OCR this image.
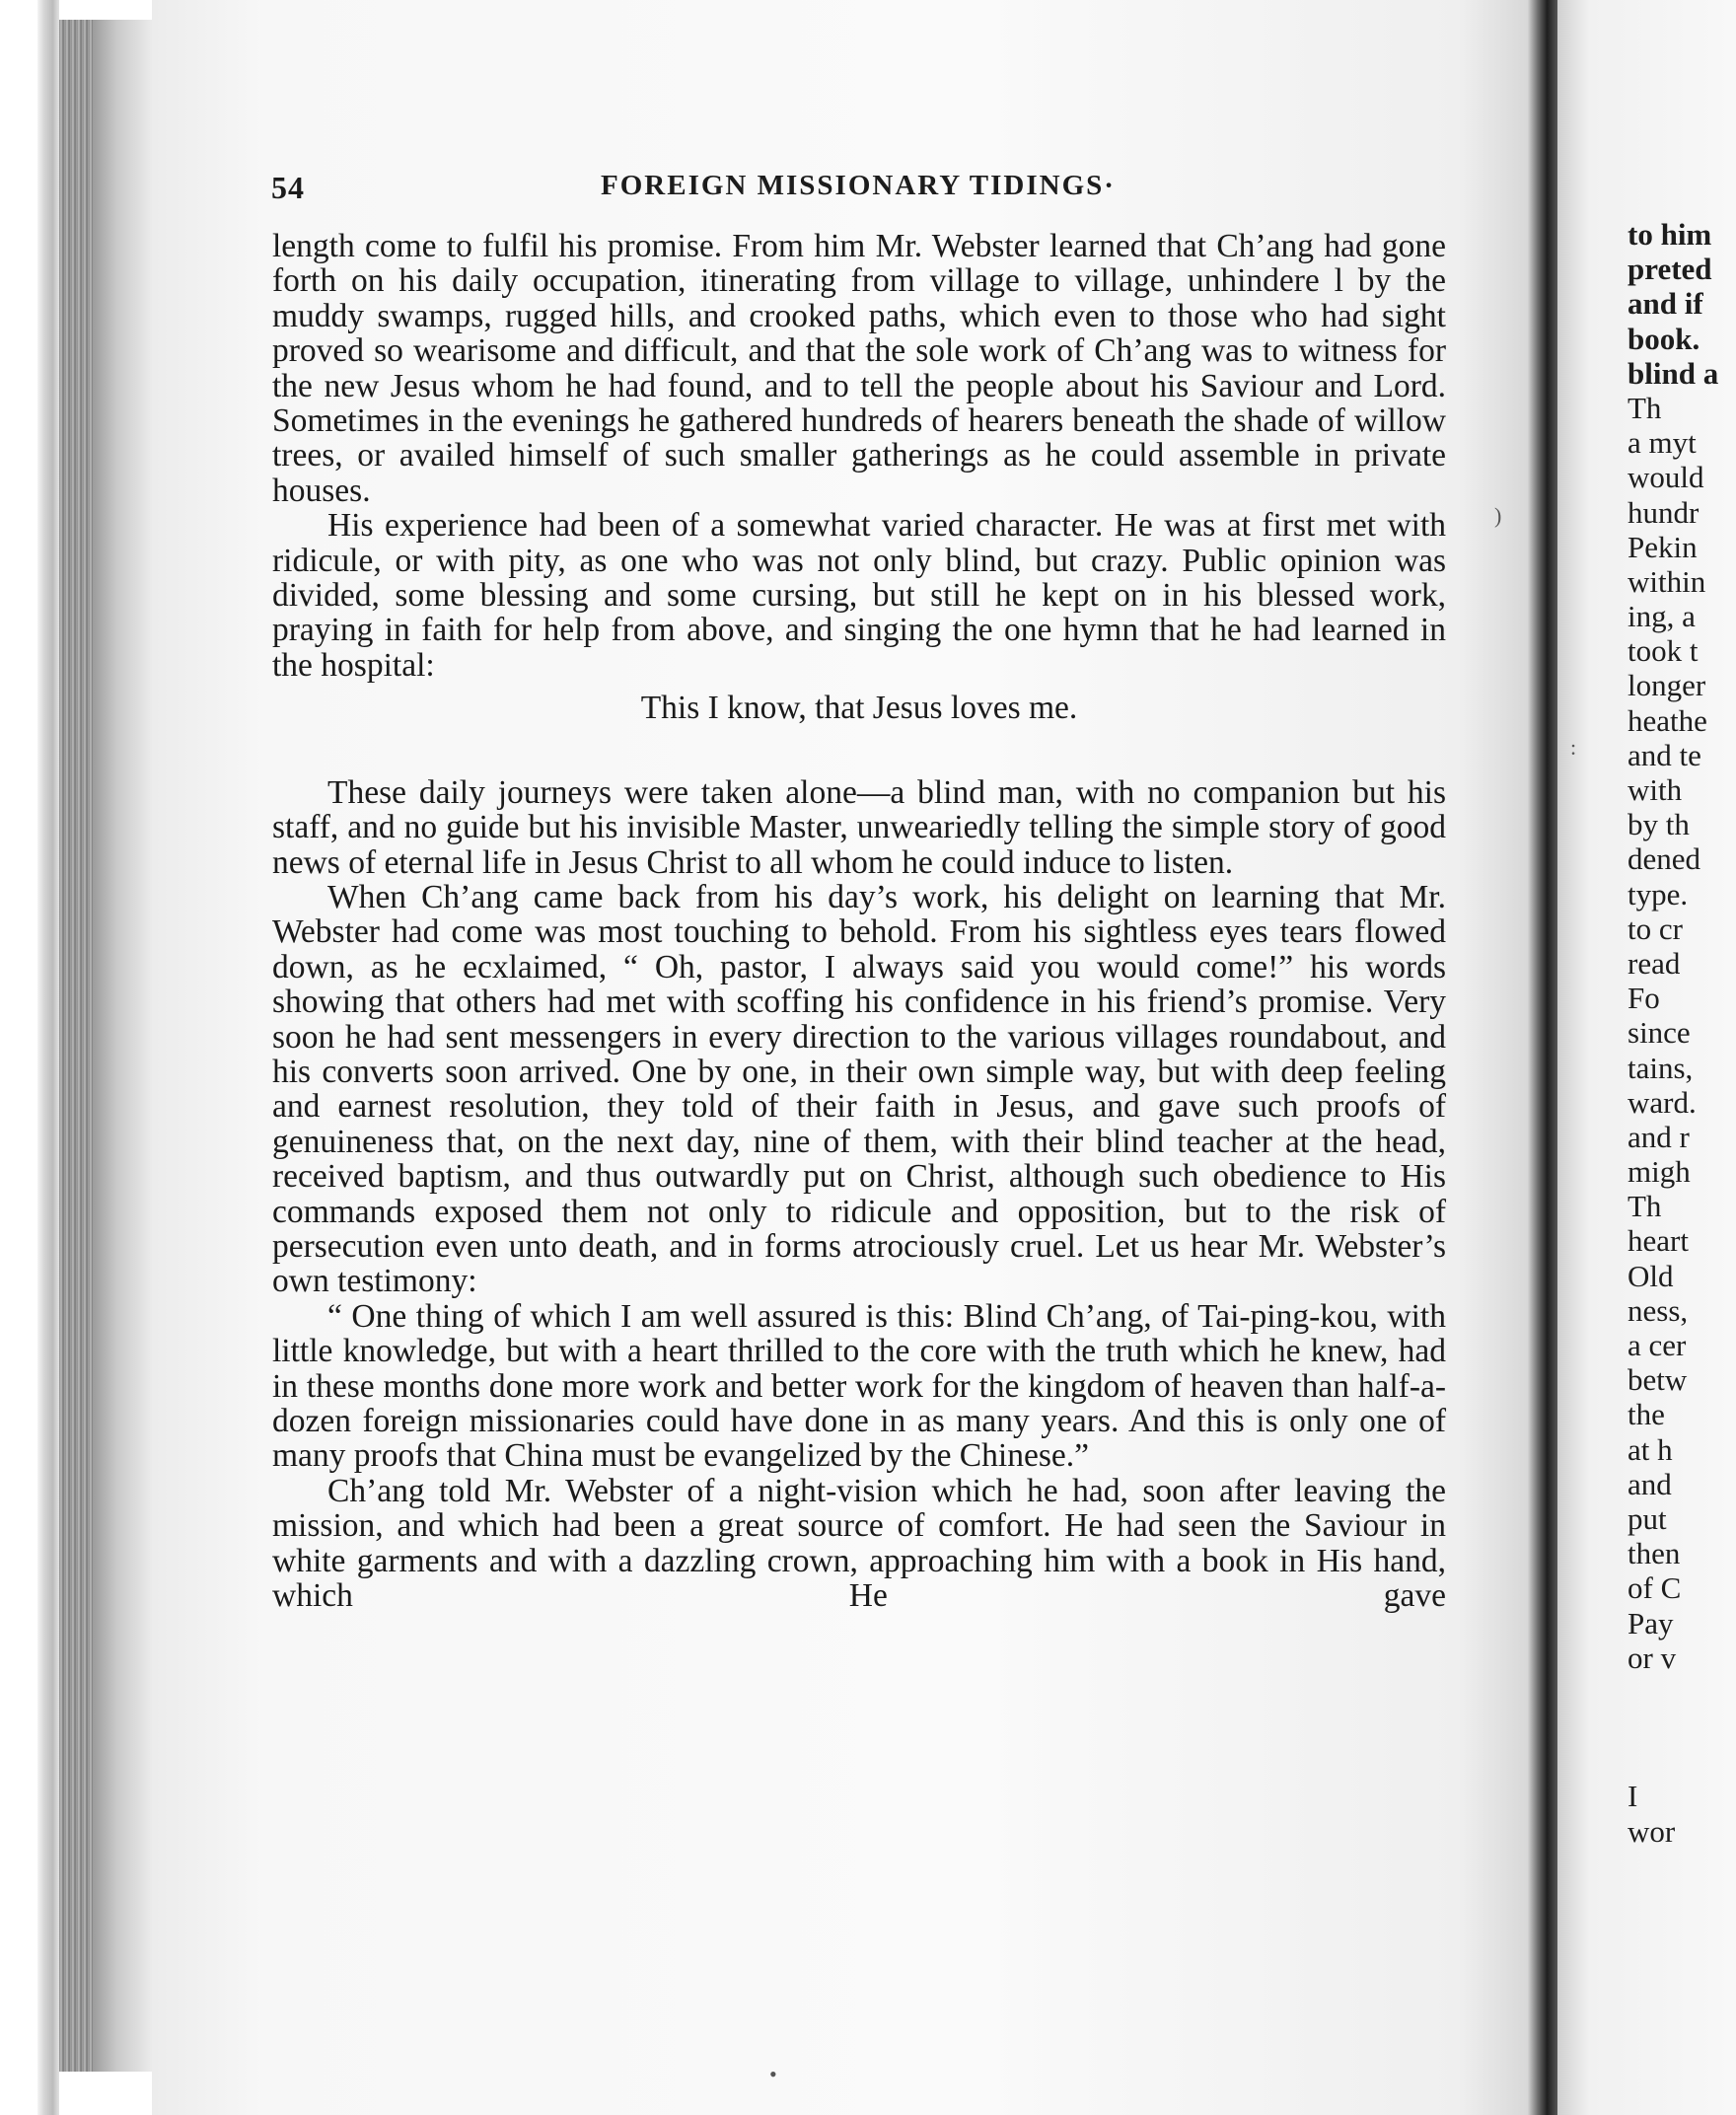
54	FOREIGN MISSIONARY TIDINGS·

length come to fulfil his promise. From him Mr. Webster learned that Ch’ang had gone forth on his daily occupation, itinerating from village to village, unhindere l by the muddy swamps, rugged hills, and crooked paths, which even to those who had sight proved so wearisome and difficult, and that the sole work of Ch’ang was to witness for the new Jesus whom he had found, and to tell the people about his Saviour and Lord. Sometimes in the evenings he gathered hundreds of hearers beneath the shade of willow trees, or availed himself of such smaller gatherings as he could assemble in private houses.

His experience had been of a somewhat varied character. He was at first met with ridicule, or with pity, as one who was not only blind, but crazy. Public opinion was divided, some blessing and some cursing, but still he kept on in his blessed work, praying in faith for help from above, and singing the one hymn that he had learned in the hospital:

This I know, that Jesus loves me.

These daily journeys were taken alone—a blind man, with no companion but his staff, and no guide but his invisible Master, unweariedly telling the simple story of good news of eternal life in Jesus Christ to all whom he could induce to listen.

When Ch’ang came back from his day’s work, his delight on learning that Mr. Webster had come was most touching to behold. From his sightless eyes tears flowed down, as he ecxlaimed, “ Oh, pastor, I always said you would come!” his words showing that others had met with scoffing his confidence in his friend’s promise. Very soon he had sent messengers in every direction to the various villages roundabout, and his converts soon arrived. One by one, in their own simple way, but with deep feeling and earnest resolution, they told of their faith in Jesus, and gave such proofs of genuineness that, on the next day, nine of them, with their blind teacher at the head, received baptism, and thus outwardly put on Christ, although such obedience to His commands exposed them not only to ridicule and opposition, but to the risk of persecution even unto death, and in forms atrociously cruel. Let us hear Mr. Webster’s own testimony:

“ One thing of which I am well assured is this: Blind Ch’ang, of Tai-ping-kou, with little knowledge, but with a heart thrilled to the core with the truth which he knew, had in these months done more work and better work for the kingdom of heaven than half-a-dozen foreign missionaries could have done in as many years. And this is only one of many proofs that China must be evangelized by the Chinese.”

Ch’ang told Mr. Webster of a night-vision which he had, soon after leaving the mission, and which had been a great source of comfort. He had seen the Saviour in white garments and with a dazzling crown, approaching him with a book in His hand, which He gave

to him
preted
and if
book.
blind a
Th
a myt
would
hundr
Pekin
within
ing, a
took t
longer
heathe
and te
with
by th
dened
type.
to cr
read
Fo
since
tains,
ward.
and r
migh
Th
heart
Old
ness,
a cer
betw
the
at h
and
put
then
of C
Pay
or v
I
wor
)
:
•
